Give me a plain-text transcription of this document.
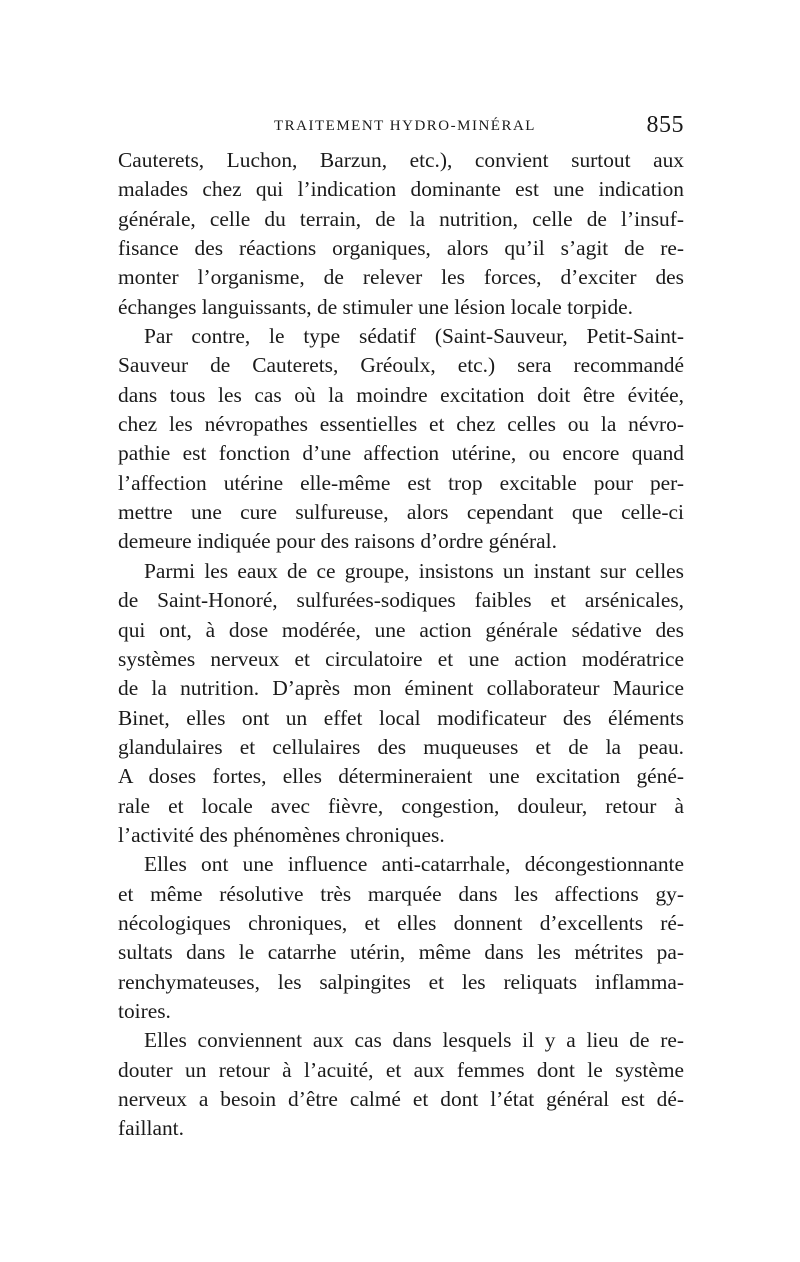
TRAITEMENT HYDRO-MINÉRAL	855
Cauterets, Luchon, Barzun, etc.), convient surtout aux
malades chez qui l’indication dominante est une indication
générale, celle du terrain, de la nutrition, celle de l’insuf-
fisance des réactions organiques, alors qu’il s’agit de re-
monter l’organisme, de relever les forces, d’exciter des
échanges languissants, de stimuler une lésion locale torpide.
Par contre, le type sédatif (Saint-Sauveur, Petit-Saint-
Sauveur de Cauterets, Gréoulx, etc.) sera recommandé
dans tous les cas où la moindre excitation doit être évitée,
chez les névropathes essentielles et chez celles ou la névro-
pathie est fonction d’une affection utérine, ou encore quand
l’affection utérine elle-même est trop excitable pour per-
mettre une cure sulfureuse, alors cependant que celle-ci
demeure indiquée pour des raisons d’ordre général.
Parmi les eaux de ce groupe, insistons un instant sur celles
de Saint-Honoré, sulfurées-sodiques faibles et arsénicales,
qui ont, à dose modérée, une action générale sédative des
systèmes nerveux et circulatoire et une action modératrice
de la nutrition. D’après mon éminent collaborateur Maurice
Binet, elles ont un effet local modificateur des éléments
glandulaires et cellulaires des muqueuses et de la peau.
A doses fortes, elles détermineraient une excitation géné-
rale et locale avec fièvre, congestion, douleur, retour à
l’activité des phénomènes chroniques.
Elles ont une influence anti-catarrhale, décongestionnante
et même résolutive très marquée dans les affections gy-
nécologiques chroniques, et elles donnent d’excellents ré-
sultats dans le catarrhe utérin, même dans les métrites pa-
renchymateuses, les salpingites et les reliquats inflamma-
toires.
Elles conviennent aux cas dans lesquels il y a lieu de re-
douter un retour à l’acuité, et aux femmes dont le système
nerveux a besoin d’être calmé et dont l’état général est dé-
faillant.
